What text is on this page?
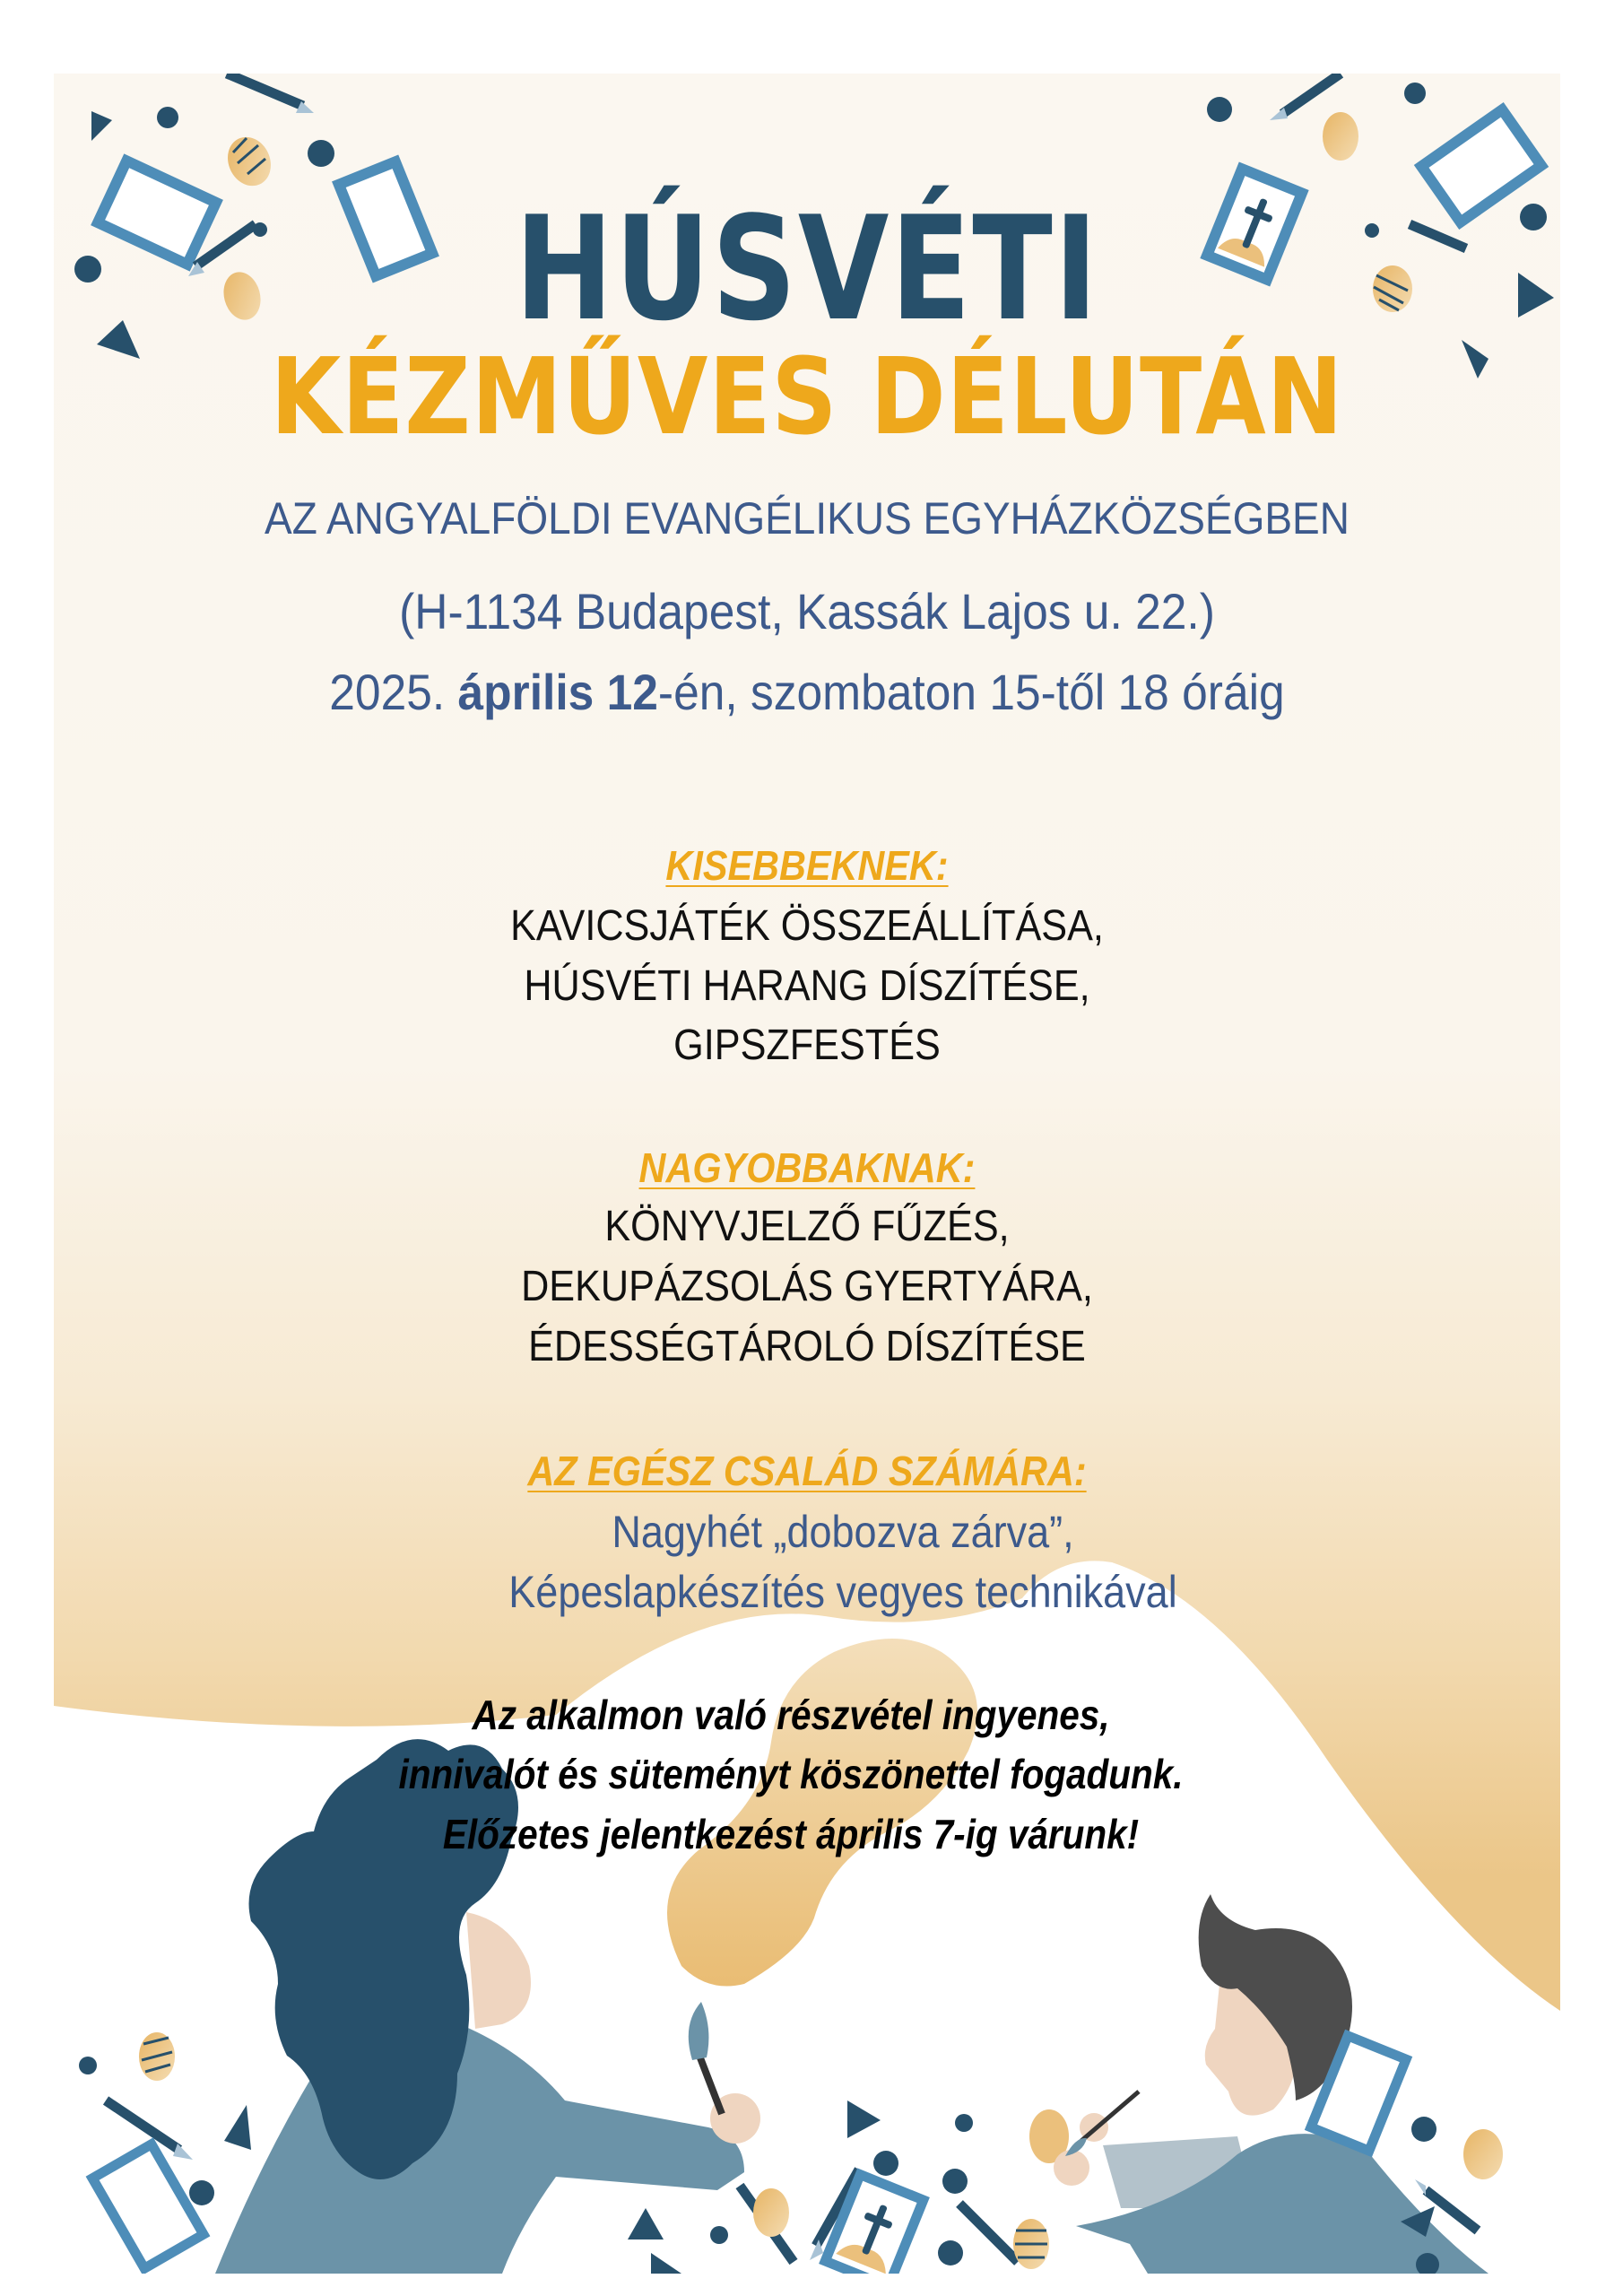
HÚSVÉTI
KÉZMŰVES DÉLUTÁN
AZ ANGYALFÖLDI EVANGÉLIKUS EGYHÁZKÖZSÉGBEN
(H-1134 Budapest, Kassák Lajos u. 22.)
2025. április 12-én, szombaton 15-től 18 óráig
KISEBBEKNEK:
KAVICSJÁTÉK ÖSSZEÁLLÍTÁSA,
HÚSVÉTI HARANG DÍSZÍTÉSE,
GIPSZFESTÉS
NAGYOBBAKNAK:
KÖNYVJELZŐ FŰZÉS,
DEKUPÁZSOLÁS GYERTYÁRA,
ÉDESSÉGTÁROLÓ DÍSZÍTÉSE
AZ EGÉSZ CSALÁD SZÁMÁRA:
Nagyhét „dobozva zárva”,
Képeslapkészítés vegyes technikával
Az alkalmon való részvétel ingyenes,
innivalót és süteményt köszönettel fogadunk.
Előzetes jelentkezést április 7-ig várunk!
